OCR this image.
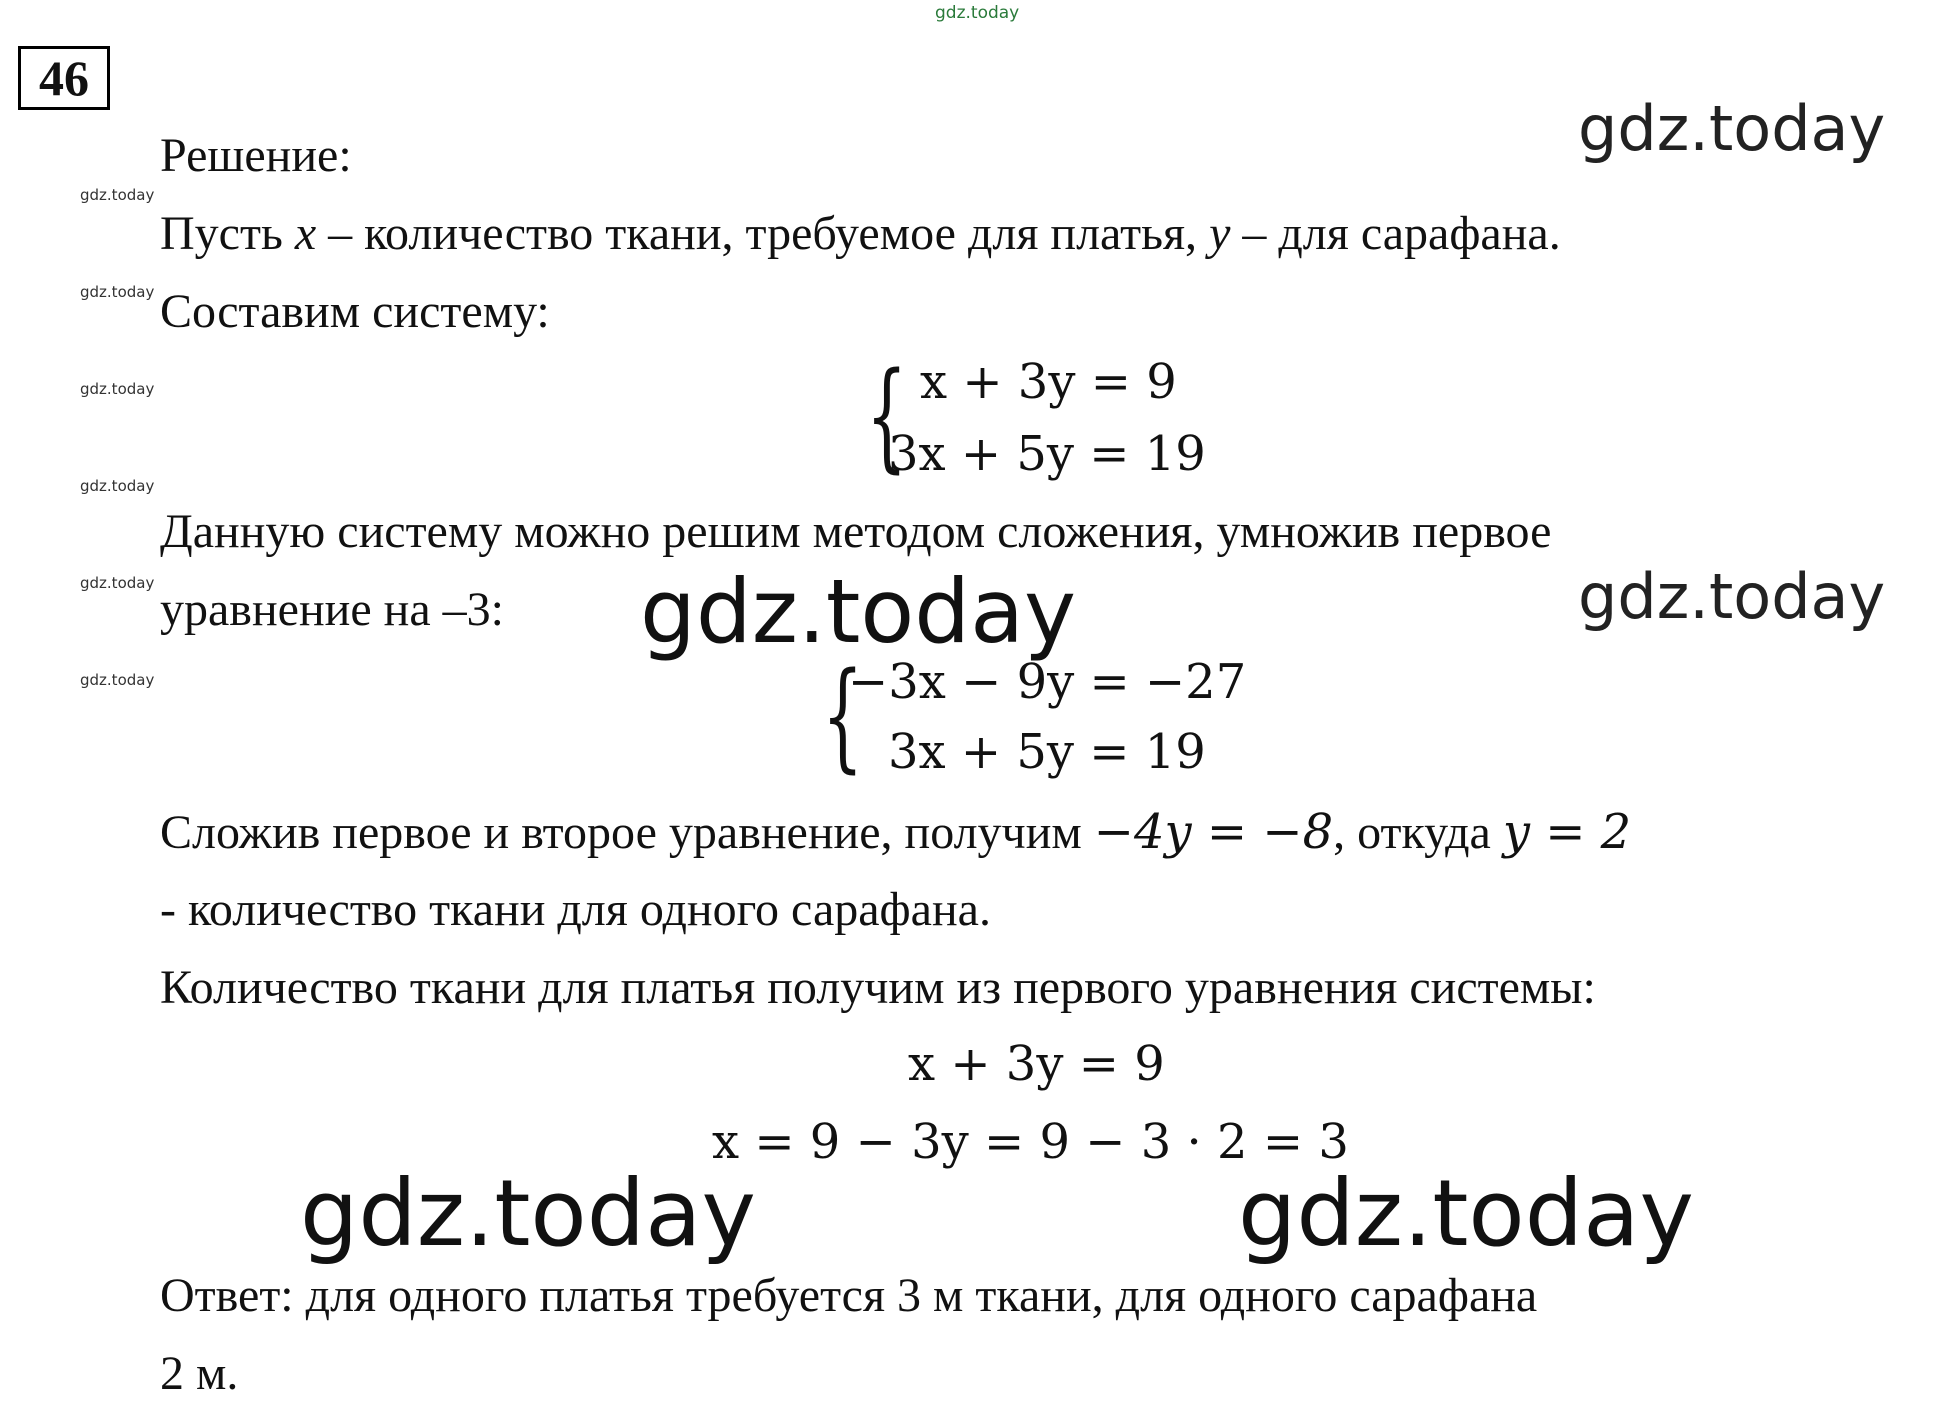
gdz.today
46
gdz.today
gdz.today
gdz.today
gdz.today	gdz.today
gdz.today
gdz.today
gdz.today
gdz.today
gdz.today
gdz.today
Решение:
Пусть x – количество ткани, требуемое для платья, y – для сарафана.
Составим систему:
{ x + 3y = 9
3x + 5y = 19
Данную систему можно решим методом сложения, умножив первое
уравнение на –3:
{
−3x − 9y = −27
3x + 5y = 19
Сложив первое и второе уравнение, получим −4y = −8, откуда y = 2
- количество ткани для одного сарафана.
Количество ткани для платья получим из первого уравнения системы:
x + 3y = 9
x = 9 − 3y = 9 − 3 · 2 = 3
Ответ: для одного платья требуется 3 м ткани, для одного сарафана
2 м.
